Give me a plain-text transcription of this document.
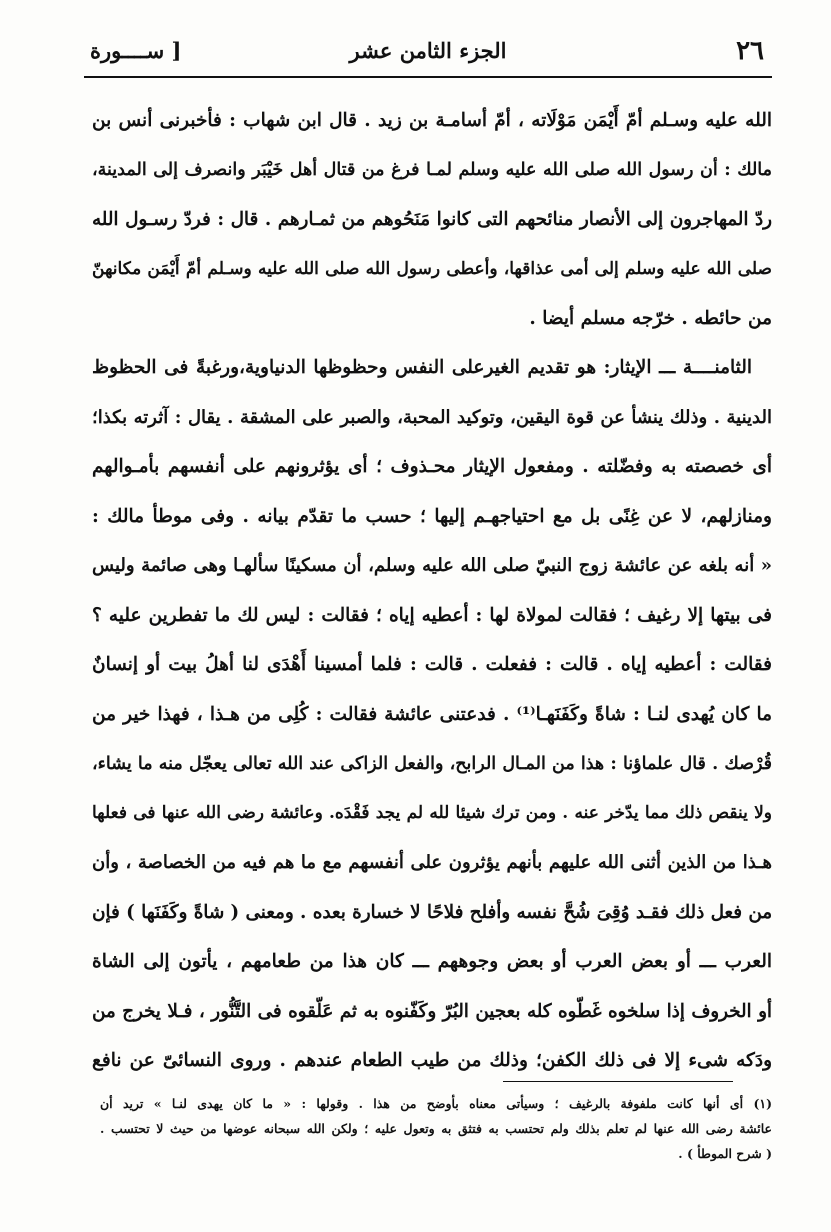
٢٦
الجزء الثامن عشر
[ ســــورة
الله عليه وسـلم أمّ أَيْمَن مَوْلَاته ، أمّ أسامـة بن زيد . قال ابن شهاب : فأخبرنى أنس بن
مالك : أن رسول الله صلى الله عليه وسلم لمـا فرغ من قتال أهل خَيْبَر وانصرف إلى المدينة،
ردّ المهاجرون إلى الأنصار منائحهم التى كانوا مَنَحُوهم من ثمـارهم . قال : فردّ رسـول الله
صلى الله عليه وسلم إلى أمى عذاقها، وأعطى رسول الله صلى الله عليه وسـلم أمّ أَيْمَن مكانهنّ
من حائطه . خرّجه مسلم أيضا .
الثامنــــة ـــ الإيثار: هو تقديم الغيرعلى النفس وحظوظها الدنياوية،ورغبةً فى الحظوظ
الدينية . وذلك ينشأ عن قوة اليقين، وتوكيد المحبة، والصبر على المشقة . يقال : آثرته بكذا؛
أى خصصته به وفضّلته . ومفعول الإيثار محـذوف ؛ أى يؤثرونهم على أنفسهم بأمـوالهم
ومنازلهم، لا عن غِنًى بل مع احتياجهـم إليها ؛ حسب ما تقدّم بيانه . وفى موطأ مالك :
« أنه بلغه عن عائشة زوج النبيّ صلى الله عليه وسلم، أن مسكينًا سألهـا وهى صائمة وليس
فى بيتها إلا رغيف ؛ فقالت لمولاة لها : أعطيه إياه ؛ فقالت : ليس لك ما تفطرين عليه ؟
فقالت : أعطيه إياه . قالت : ففعلت . قالت : فلما أمسينا أَهْدَى لنا أهلُ بيت أو إنسانٌ
ما كان يُهدى لنـا : شاةً وكَفَنَهـا⁽¹⁾ . فدعتنى عائشة فقالت : كُلِى من هـذا ، فهذا خير من
قُرْصك . قال علماؤنا : هذا من المـال الرابح، والفعل الزاكى عند الله تعالى يعجّل منه ما يشاء،
ولا ينقص ذلك مما يدّخر عنه . ومن ترك شيئا لله لم يجد فَقْدَه. وعائشة رضى الله عنها فى فعلها
هـذا من الذين أثنى الله عليهم بأنهم يؤثرون على أنفسهم مع ما هم فيه من الخصاصة ، وأن
من فعل ذلك فقـد وُقِىَ شُحَّ نفسه وأفلح فلاحًا لا خسارة بعده . ومعنى ( شاةً وكَفَنَها ) فإن
العرب ـــ أو بعض العرب أو بعض وجوههم ـــ كان هذا من طعامهم ، يأتون إلى الشاة
أو الخروف إذا سلخوه غَطّوه كله بعجين البُرّ وكَفّنوه به ثم عَلّقوه فى التَّنُّور ، فـلا يخرج من
ودَكه شىء إلا فى ذلك الكفن؛ وذلك من طيب الطعام عندهم . وروى النسائىّ عن نافع
(١) أى أنها كانت ملفوفة بالرغيف ؛ وسيأتى معناه بأوضح من هذا . وقولها : « ما كان يهدى لنـا » تريد أن
عائشة رضى الله عنها لم تعلم بذلك ولم تحتسب به فتثق به وتعول عليه ؛ ولكن الله سبحانه عوضها من حيث لا تحتسب .
( شرح الموطأ ) .
